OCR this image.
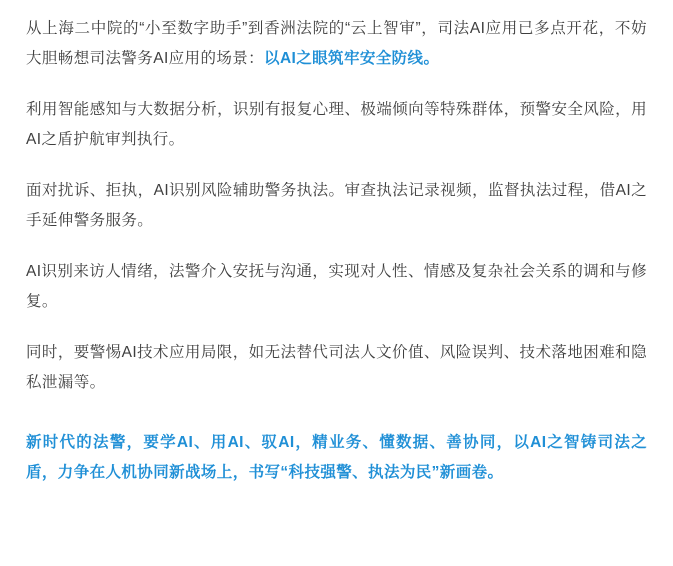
从上海二中院的“小至数字助手”到香洲法院的“云上智审”，司法AI应用已多点开花，不妨大胆畅想司法警务AI应用的场景：以AI之眼筑牢安全防线。

利用智能感知与大数据分析，识别有报复心理、极端倾向等特殊群体，预警安全风险，用AI之盾护航审判执行。

面对扰诉、拒执，AI识别风险辅助警务执法。审查执法记录视频，监督执法过程，借AI之手延伸警务服务。

AI识别来访人情绪，法警介入安抚与沟通，实现对人性、情感及复杂社会关系的调和与修复。

同时，要警惕AI技术应用局限，如无法替代司法人文价值、风险误判、技术落地困难和隐私泄漏等。

新时代的法警，要学AI、用AI、驭AI，精业务、懂数据、善协同，以AI之智铸司法之盾，力争在人机协同新战场上，书写“科技强警、执法为民”新画卷。
